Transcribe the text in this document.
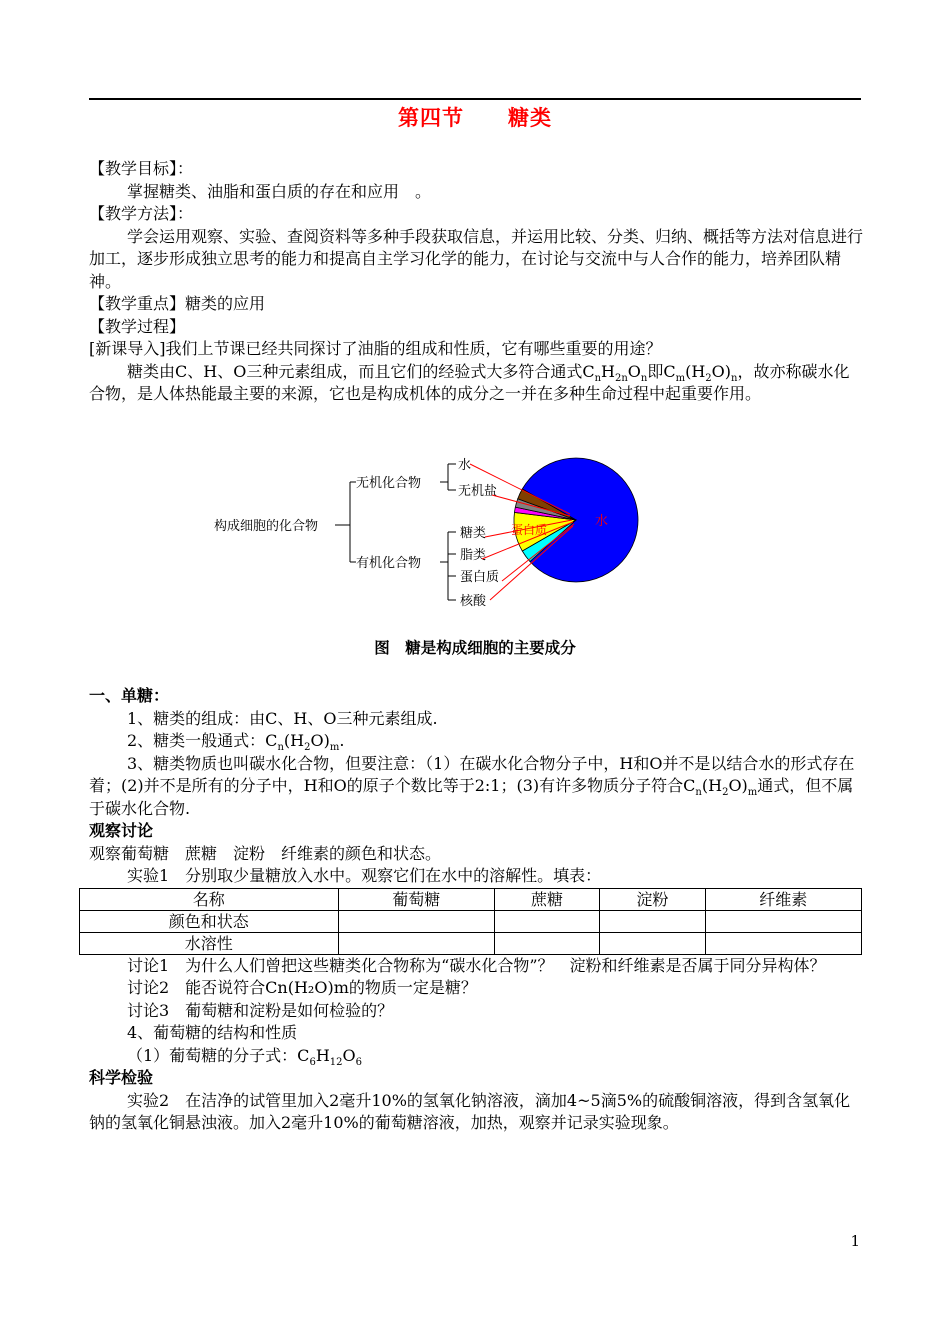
第四节　　糖类

【教学目标】：

掌握糖类、油脂和蛋白质的存在和应用　。

【教学方法】：

学会运用观察、实验、查阅资料等多种手段获取信息，并运用比较、分类、归纳、概括等方法对信息进行加工，逐步形成独立思考的能力和提高自主学习化学的能力，在讨论与交流中与人合作的能力，培养团队精神。

【教学重点】糖类的应用

【教学过程】

[新课导入]我们上节课已经共同探讨了油脂的组成和性质，它有哪些重要的用途？

糖类由C、H、O三种元素组成，而且它们的经验式大多符合通式$C_nH_{2n}O_n$即$C_m(H_2O)_n$，故亦称碳水化合物，是人体热能最主要的来源，它也是构成机体的成分之一并在多种生命过程中起重要作用。

构成细胞的化合物
无机化合物
有机化合物
水
无机盐
糖类
脂类
蛋白质
核酸
水
蛋白质
图　糖是构成细胞的主要成分

一、单糖：

1、糖类的组成：由C、H、O三种元素组成.

2、糖类一般通式：$C_n(H_2O)_m$.

3、糖类物质也叫碳水化合物，但要注意：（1）在碳水化合物分子中，H和O并不是以结合水的形式存在着；(2)并不是所有的分子中，H和O的原子个数比等于2:1；(3)有许多物质分子符合$C_n(H_2O)_m$通式，但不属于碳水化合物.

观察讨论

观察葡萄糖　蔗糖　淀粉　纤维素的颜色和状态。

实验1　分别取少量糖放入水中。观察它们在水中的溶解性。填表：

名称	葡萄糖	蔗糖	淀粉	纤维素
颜色和状态				
水溶性				

讨论1　为什么人们曾把这些糖类化合物称为“碳水化合物”？　淀粉和纤维素是否属于同分异构体？

讨论2　能否说符合Cn(H₂O)m的物质一定是糖？

讨论3　葡萄糖和淀粉是如何检验的？

4、葡萄糖的结构和性质

（1）葡萄糖的分子式：$C_6H_{12}O_6$

科学检验

实验2　在洁净的试管里加入2毫升10%的氢氧化钠溶液，滴加4~5滴5%的硫酸铜溶液，得到含氢氧化钠的氢氧化铜悬浊液。加入2毫升10%的葡萄糖溶液，加热，观察并记录实验现象。

1
